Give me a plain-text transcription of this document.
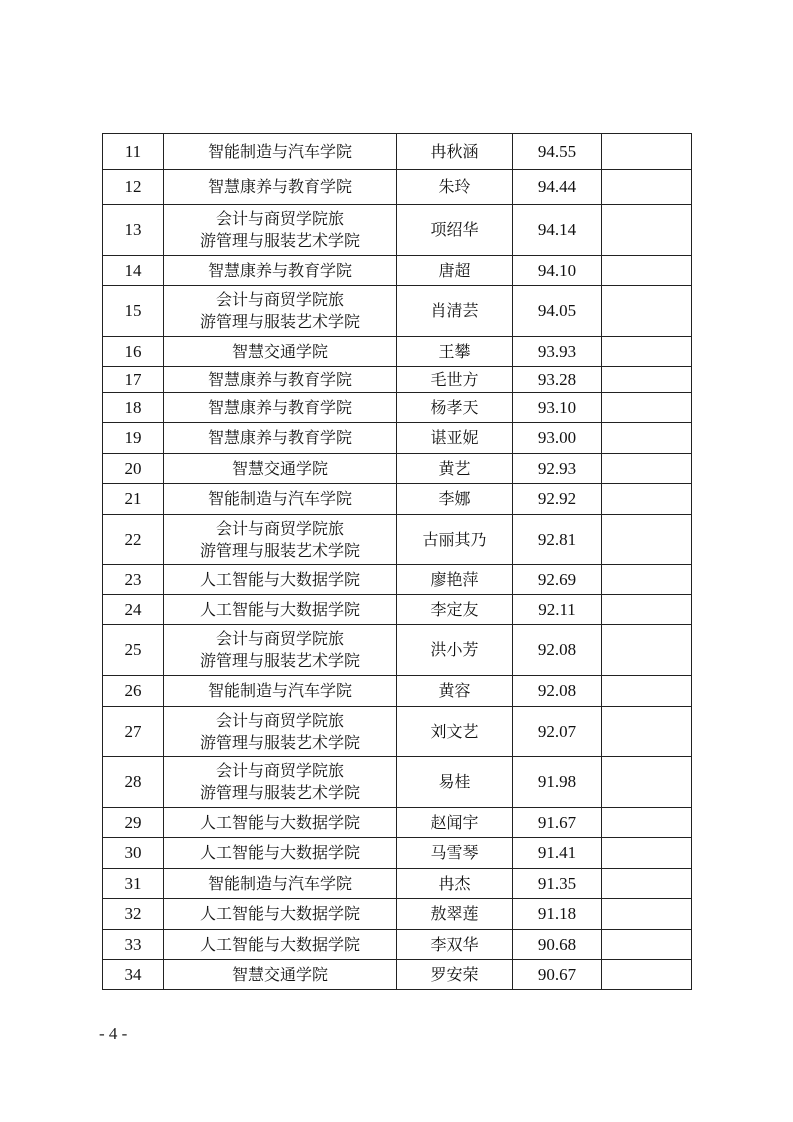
11	智能制造与汽车学院	冉秋涵	94.55	
12	智慧康养与教育学院	朱玲	94.44	
13	会计与商贸学院旅
游管理与服装艺术学院	项绍华	94.14	
14	智慧康养与教育学院	唐超	94.10	
15	会计与商贸学院旅
游管理与服装艺术学院	肖清芸	94.05	
16	智慧交通学院	王攀	93.93	
17	智慧康养与教育学院	毛世方	93.28	
18	智慧康养与教育学院	杨孝天	93.10	
19	智慧康养与教育学院	谌亚妮	93.00	
20	智慧交通学院	黄艺	92.93	
21	智能制造与汽车学院	李娜	92.92	
22	会计与商贸学院旅
游管理与服装艺术学院	古丽其乃	92.81	
23	人工智能与大数据学院	廖艳萍	92.69	
24	人工智能与大数据学院	李定友	92.11	
25	会计与商贸学院旅
游管理与服装艺术学院	洪小芳	92.08	
26	智能制造与汽车学院	黄容	92.08	
27	会计与商贸学院旅
游管理与服装艺术学院	刘文艺	92.07	
28	会计与商贸学院旅
游管理与服装艺术学院	易桂	91.98	
29	人工智能与大数据学院	赵闻宇	91.67	
30	人工智能与大数据学院	马雪琴	91.41	
31	智能制造与汽车学院	冉杰	91.35	
32	人工智能与大数据学院	敖翠莲	91.18	
33	人工智能与大数据学院	李双华	90.68	
34	智慧交通学院	罗安荣	90.67	
- 4 -
